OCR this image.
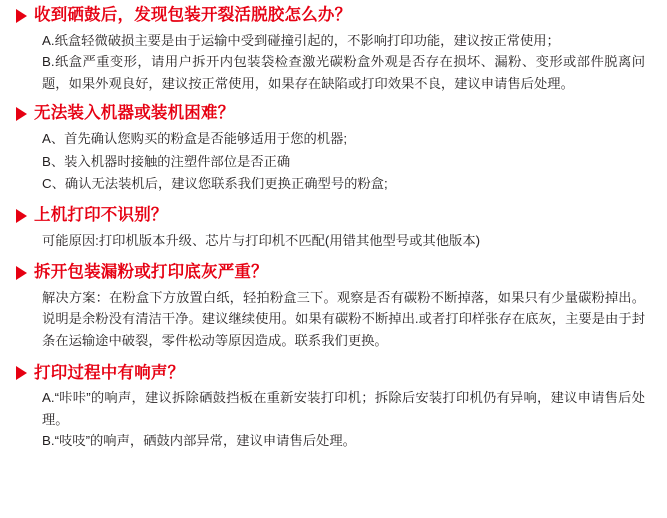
收到硒鼓后，发现包装开裂活脱胶怎么办？

A.纸盒轻微破损主要是由于运输中受到碰撞引起的，不影响打印功能，建议按正常使用；

B.纸盒严重变形，请用户拆开内包装袋检查激光碳粉盒外观是否存在损坏、漏粉、变形或部件脱离问题，如果外观良好，建议按正常使用，如果存在缺陷或打印效果不良，建议申请售后处理。

无法装入机器或装机困难？

A、首先确认您购买的粉盒是否能够适用于您的机器;

B、装入机器时接触的注塑件部位是否正确

C、确认无法装机后，建议您联系我们更换正确型号的粉盒;

上机打印不识别？

可能原因:打印机版本升级、芯片与打印机不匹配(用错其他型号或其他版本)

拆开包装漏粉或打印底灰严重？

解决方案：在粉盒下方放置白纸，轻拍粉盒三下。观察是否有碳粉不断掉落，如果只有少量碳粉掉出。说明是余粉没有清洁干净。建议继续使用。如果有碳粉不断掉出.或者打印样张存在底灰，主要是由于封条在运输途中破裂，零件松动等原因造成。联系我们更换。

打印过程中有响声？

A.“咔咔”的响声，建议拆除硒鼓挡板在重新安装打印机；拆除后安装打印机仍有异响，建议申请售后处理。

B.“吱吱”的响声，硒鼓内部异常，建议申请售后处理。
